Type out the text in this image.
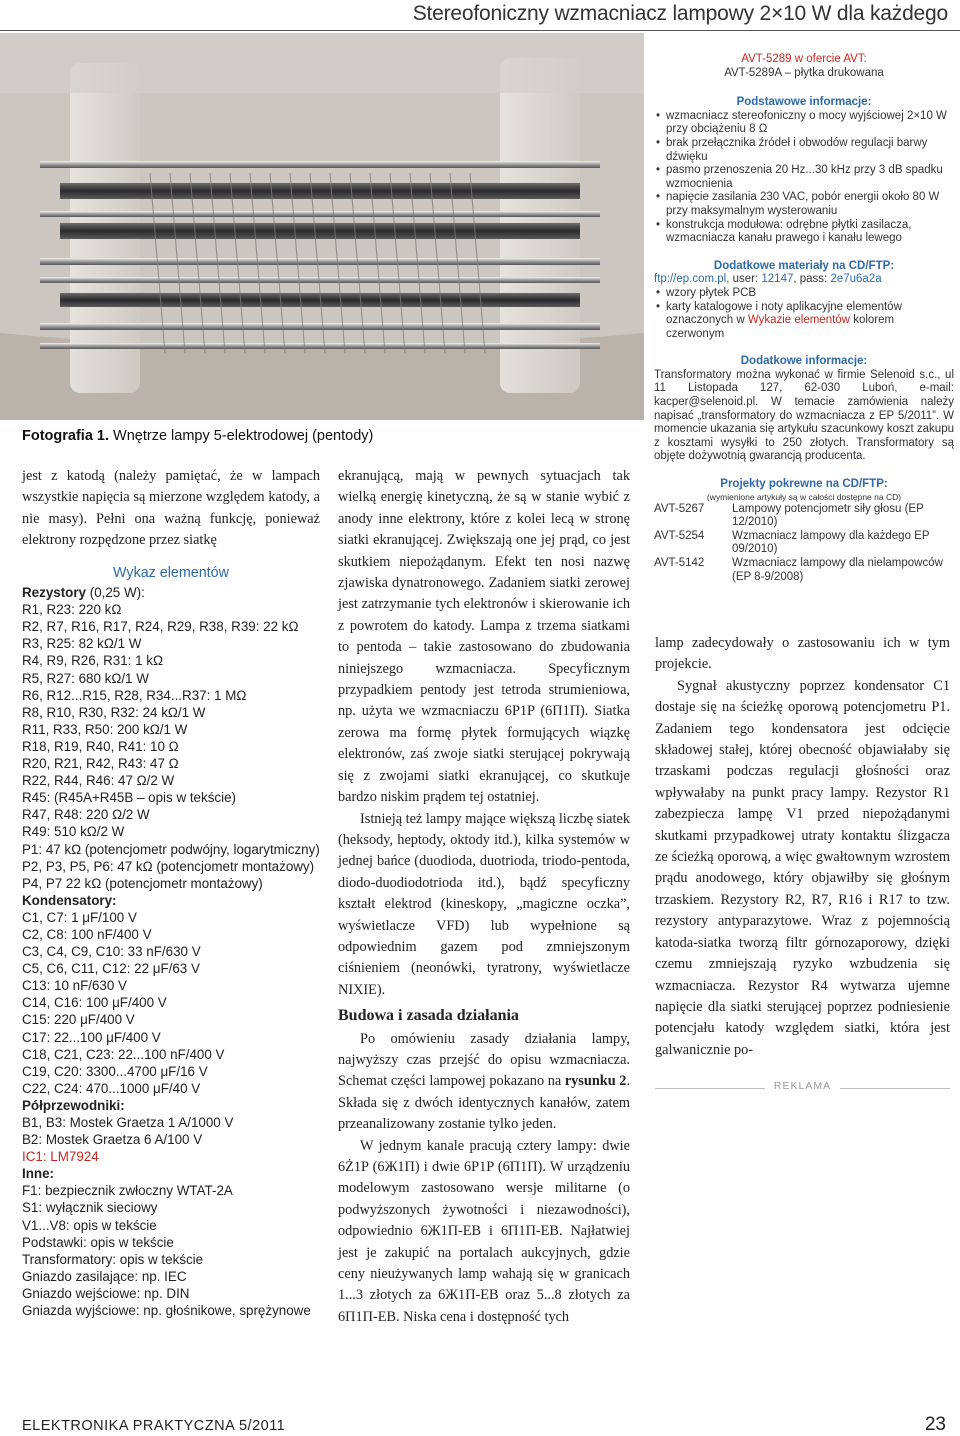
Stereofoniczny wzmacniacz lampowy 2×10 W dla każdego
Fotografia 1. Wnętrze lampy 5-elektrodowej (pentody)
AVT-5289 w ofercie AVT:
AVT-5289A – płytka drukowana
Podstawowe informacje:
• wzmacniacz stereofoniczny o mocy wyjściowej 2×10 W przy obciążeniu 8 Ω
• brak przełącznika źródeł i obwodów regulacji barwy dźwięku
• pasmo przenoszenia 20 Hz...30 kHz przy 3 dB spadku wzmocnienia
• napięcie zasilania 230 VAC, pobór energii około 80 W przy maksymalnym wysterowaniu
• konstrukcja modułowa: odrębne płytki zasilacza, wzmacniacza kanału prawego i kanału lewego
Dodatkowe materiały na CD/FTP:
ftp://ep.com.pl, user: 12147, pass: 2e7u6a2a
• wzory płytek PCB
• karty katalogowe i noty aplikacyjne elementów oznaczonych w Wykazie elementów kolorem czerwonym
Dodatkowe informacje:
Transformatory można wykonać w firmie Selenoid s.c., ul 11 Listopada 127, 62-030 Luboń, e-mail: kacper@selenoid.pl. W temacie zamówienia należy napisać „transformatory do wzmacniacza z EP 5/2011”. W momencie ukazania się artykułu szacunkowy koszt zakupu z kosztami wysyłki to 250 złotych. Transformatory są objęte dożywotnią gwarancją producenta.
Projekty pokrewne na CD/FTP:
(wymienione artykuły są w całości dostępne na CD)
AVT-5267	Lampowy potencjometr siły głosu (EP 12/2010)
AVT-5254	Wzmacniacz lampowy dla każdego EP 09/2010)
AVT-5142	Wzmacniacz lampowy dla nielampowców (EP 8-9/2008)
jest z katodą (należy pamiętać, że w lampach wszystkie napięcia są mierzone względem katody, a nie masy). Pełni ona ważną funkcję, ponieważ elektrony rozpędzone przez siatkę
Wykaz elementów
Rezystory (0,25 W):
R1, R23: 220 kΩ
R2, R7, R16, R17, R24, R29, R38, R39: 22 kΩ
R3, R25: 82 kΩ/1 W
R4, R9, R26, R31: 1 kΩ
R5, R27: 680 kΩ/1 W
R6, R12...R15, R28, R34...R37: 1 MΩ
R8, R10, R30, R32: 24 kΩ/1 W
R11, R33, R50: 200 kΩ/1 W
R18, R19, R40, R41: 10 Ω
R20, R21, R42, R43: 47 Ω
R22, R44, R46: 47 Ω/2 W
R45: (R45A+R45B – opis w tekście)
R47, R48: 220 Ω/2 W
R49: 510 kΩ/2 W
P1: 47 kΩ (potencjometr podwójny, logarytmiczny)
P2, P3, P5, P6: 47 kΩ (potencjometr montażowy)
P4, P7 22 kΩ (potencjometr montażowy)
Kondensatory:
C1, C7: 1 μF/100 V
C2, C8: 100 nF/400 V
C3, C4, C9, C10: 33 nF/630 V
C5, C6, C11, C12: 22 μF/63 V
C13: 10 nF/630 V
C14, C16: 100 μF/400 V
C15: 220 μF/400 V
C17: 22...100 μF/400 V
C18, C21, C23: 22...100 nF/400 V
C19, C20: 3300...4700 μF/16 V
C22, C24: 470...1000 μF/40 V
Półprzewodniki:
B1, B3: Mostek Graetza 1 A/1000 V
B2: Mostek Graetza 6 A/100 V
IC1: LM7924
Inne:
F1: bezpiecznik zwłoczny WTAT-2A
S1: wyłącznik sieciowy
V1...V8: opis w tekście
Podstawki: opis w tekście
Transformatory: opis w tekście
Gniazdo zasilające: np. IEC
Gniazdo wejściowe: np. DIN
Gniazda wyjściowe: np. głośnikowe, sprężynowe
ekranującą, mają w pewnych sytuacjach tak wielką energię kinetyczną, że są w stanie wybić z anody inne elektrony, które z kolei lecą w stronę siatki ekranującej. Zwiększają one jej prąd, co jest skutkiem niepożądanym. Efekt ten nosi nazwę zjawiska dynatronowego. Zadaniem siatki zerowej jest zatrzymanie tych elektronów i skierowanie ich z powrotem do katody. Lampa z trzema siatkami to pentoda – takie zastosowano do zbudowania niniejszego wzmacniacza. Specyficznym przypadkiem pentody jest tetroda strumieniowa, np. użyta we wzmacniaczu 6P1P (6П1П). Siatka zerowa ma formę płytek formujących wiązkę elektronów, zaś zwoje siatki sterującej pokrywają się z zwojami siatki ekranującej, co skutkuje bardzo niskim prądem tej ostatniej.
Istnieją też lampy mające większą liczbę siatek (heksody, heptody, oktody itd.), kilka systemów w jednej bańce (duodioda, duotrioda, triodo-pentoda, diodo-duodiodotrioda itd.), bądź specyficzny kształt elektrod (kineskopy, „magiczne oczka”, wyświetlacze VFD) lub wypełnione są odpowiednim gazem pod zmniejszonym ciśnieniem (neonówki, tyratrony, wyświetlacze NIXIE).
Budowa i zasada działania
Po omówieniu zasady działania lampy, najwyższy czas przejść do opisu wzmacniacza. Schemat części lampowej pokazano na rysunku 2. Składa się z dwóch identycznych kanałów, zatem przeanalizowany zostanie tylko jeden.
W jednym kanale pracują cztery lampy: dwie 6Ż1P (6Ж1П) i dwie 6P1P (6П1П). W urządzeniu modelowym zastosowano wersje militarne (o podwyższonych żywotności i niezawodności), odpowiednio 6Ж1П-ЕВ i 6П1П-ЕВ. Najłatwiej jest je zakupić na portalach aukcyjnych, gdzie ceny nieużywanych lamp wahają się w granicach 1...3 złotych za 6Ж1П-ЕВ oraz 5...8 złotych za 6П1П-ЕВ. Niska cena i dostępność tych
lamp zadecydowały o zastosowaniu ich w tym projekcie.
Sygnał akustyczny poprzez kondensator C1 dostaje się na ścieżkę oporową potencjometru P1. Zadaniem tego kondensatora jest odcięcie składowej stałej, której obecność objawiałaby się trzaskami podczas regulacji głośności oraz wpływałaby na punkt pracy lampy. Rezystor R1 zabezpiecza lampę V1 przed niepożądanymi skutkami przypadkowej utraty kontaktu ślizgacza ze ścieżką oporową, a więc gwałtownym wzrostem prądu anodowego, który objawiłby się głośnym trzaskiem. Rezystory R2, R7, R16 i R17 to tzw. rezystory antyparazytowe. Wraz z pojemnością katoda-siatka tworzą filtr górnozaporowy, dzięki czemu zmniejszają ryzyko wzbudzenia się wzmacniacza. Rezystor R4 wytwarza ujemne napięcie dla siatki sterującej poprzez podniesienie potencjału katody względem siatki, która jest galwanicznie po-
REKLAMA
ELEKTRONIKA PRAKTYCZNA 5/2011	23
